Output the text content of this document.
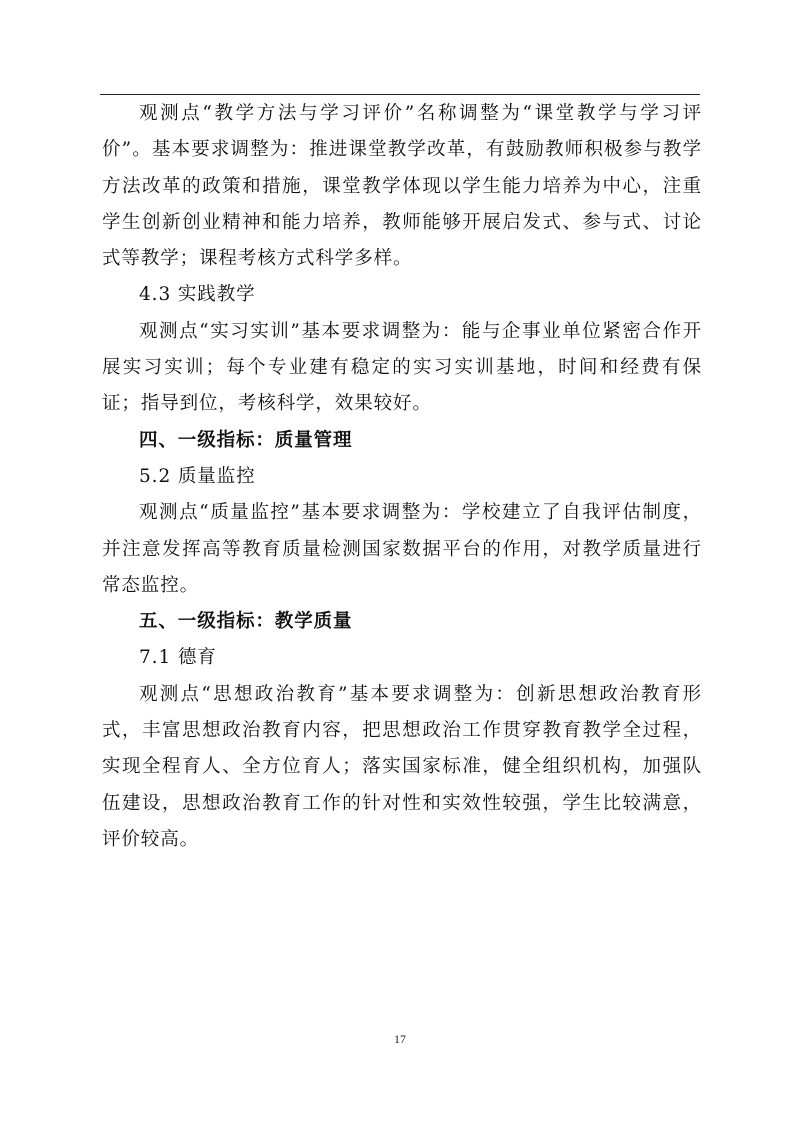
观测点“教学方法与学习评价”名称调整为“课堂教学与学习评价”。基本要求调整为：推进课堂教学改革，有鼓励教师积极参与教学方法改革的政策和措施，课堂教学体现以学生能力培养为中心，注重学生创新创业精神和能力培养，教师能够开展启发式、参与式、讨论式等教学；课程考核方式科学多样。

4.3 实践教学

观测点“实习实训”基本要求调整为：能与企事业单位紧密合作开展实习实训；每个专业建有稳定的实习实训基地，时间和经费有保证；指导到位，考核科学，效果较好。

四、一级指标：质量管理

5.2 质量监控

观测点“质量监控”基本要求调整为：学校建立了自我评估制度，并注意发挥高等教育质量检测国家数据平台的作用，对教学质量进行常态监控。

五、一级指标：教学质量

7.1 德育

观测点“思想政治教育”基本要求调整为：创新思想政治教育形式，丰富思想政治教育内容，把思想政治工作贯穿教育教学全过程，实现全程育人、全方位育人；落实国家标准，健全组织机构，加强队伍建设，思想政治教育工作的针对性和实效性较强，学生比较满意，评价较高。

17
